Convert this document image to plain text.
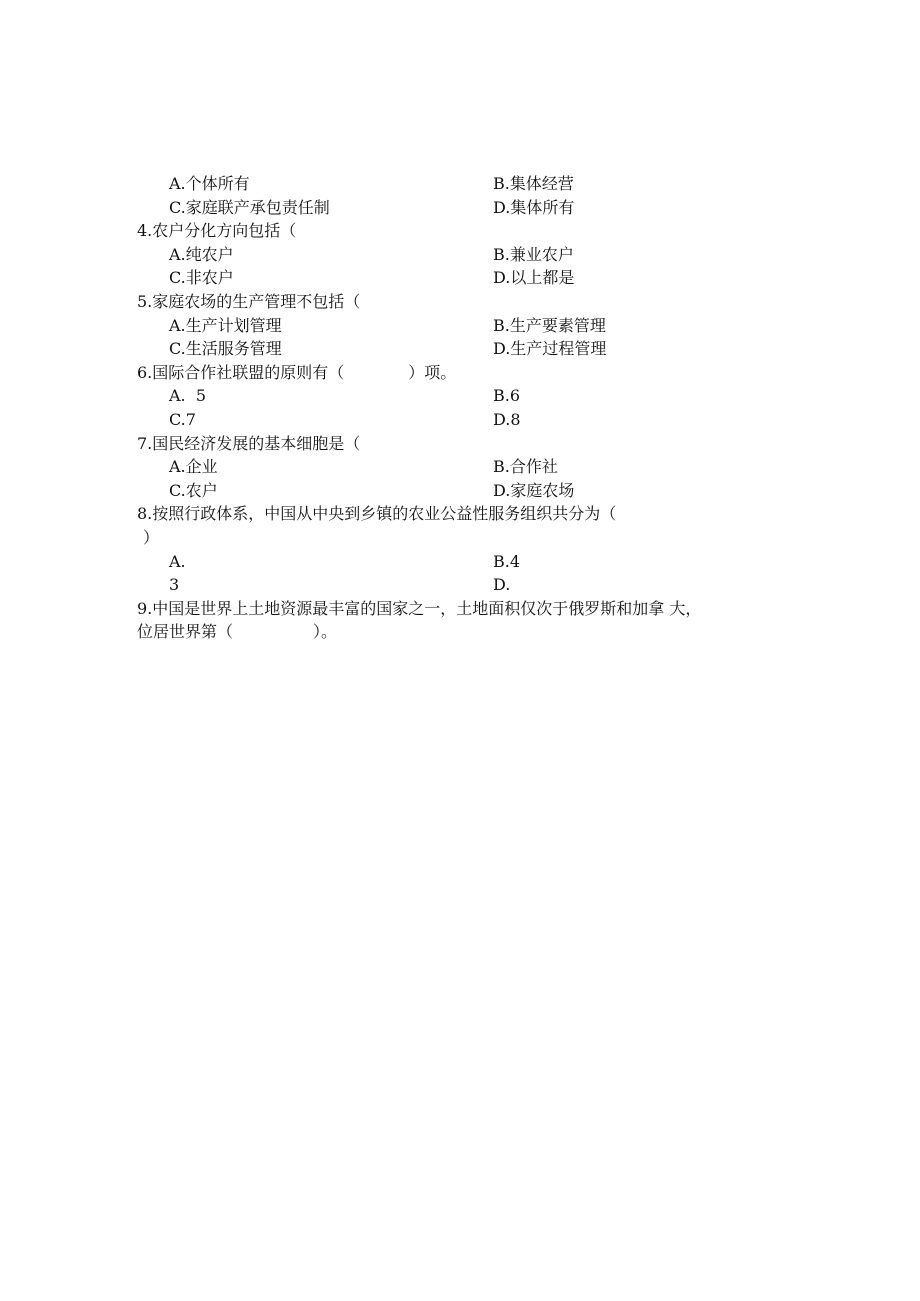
A.个体所有	B.集体经营
C.家庭联产承包责任制	D.集体所有
4.农户分化方向包括（
A.纯农户	B.兼业农户
C.非农户	D.以上都是
5.家庭农场的生产管理不包括（
A.生产计划管理	B.生产要素管理
C.生活服务管理	D.生产过程管理
6.国际合作社联盟的原则有（　　　　）项。
A.  5	B.6
C.7	D.8
7.国民经济发展的基本细胞是（
A.企业	B.合作社
C.农户	D.家庭农场
8.按照行政体系，中国从中央到乡镇的农业公益性服务组织共分为（
）
A.	B.4
3	D.
9.中国是世界上土地资源最丰富的国家之一，土地面积仅次于俄罗斯和加拿 大，
位居世界第（　　　　　）。
